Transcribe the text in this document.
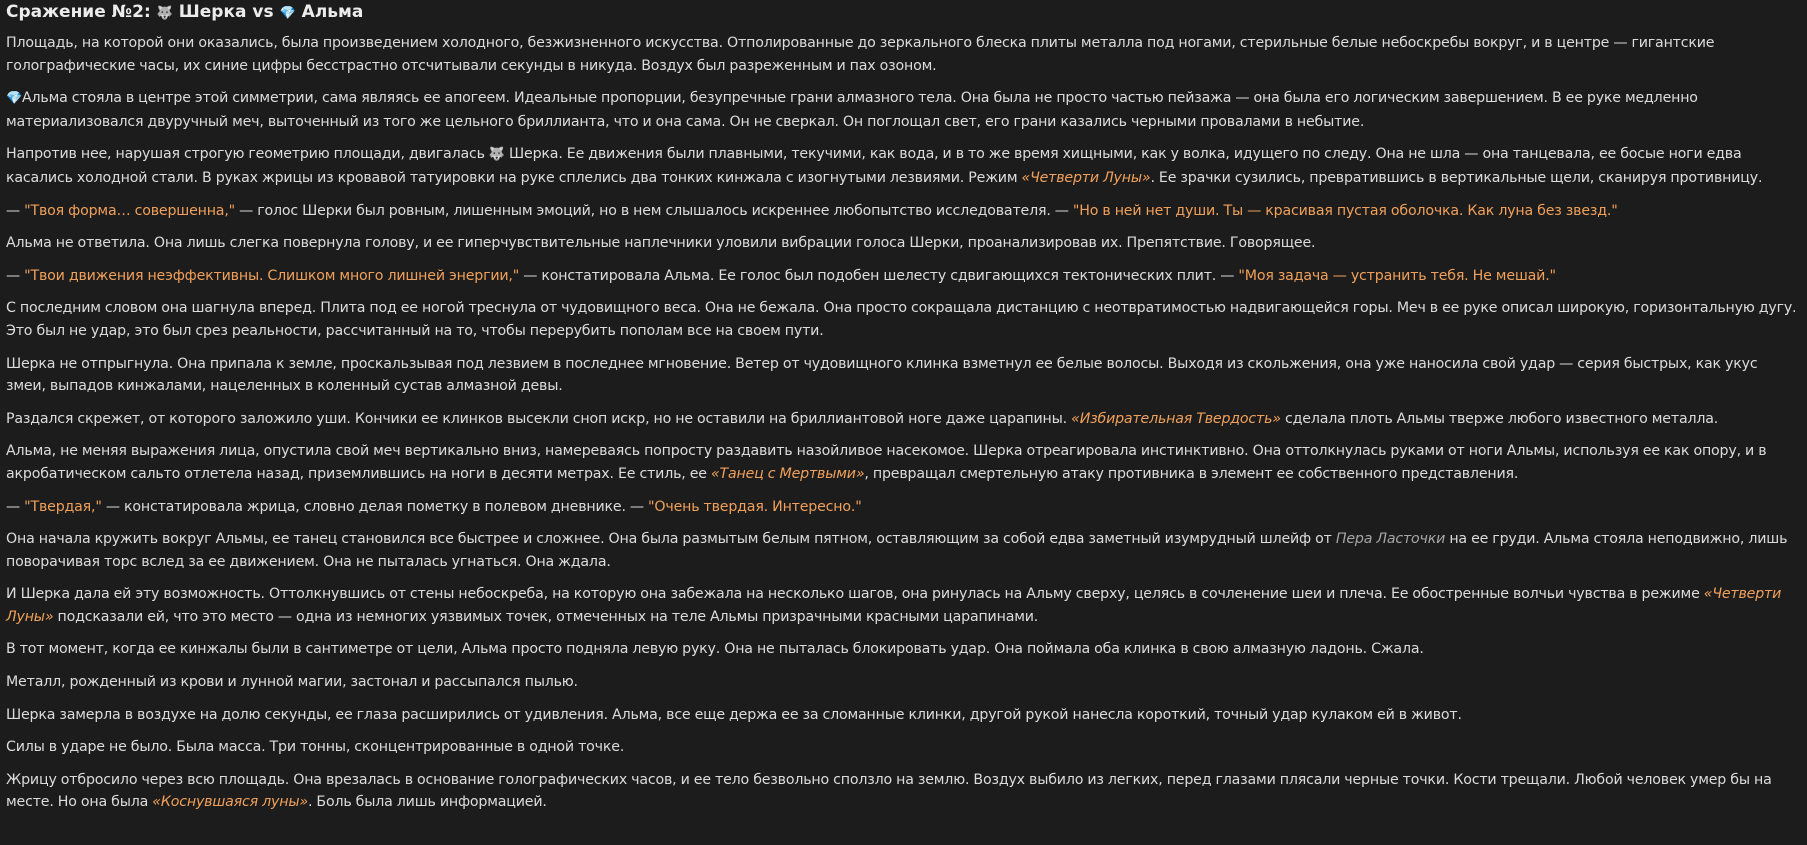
Сражение №2: 🐺 Шерка vs 💎 Альма

Площадь, на которой они оказались, была произведением холодного, безжизненного искусства. Отполированные до зеркального блеска плиты металла под ногами, стерильные белые небоскребы вокруг, и в центре — гигантские голографические часы, их синие цифры бесстрастно отсчитывали секунды в никуда. Воздух был разреженным и пах озоном.

💎Альма стояла в центре этой симметрии, сама являясь ее апогеем. Идеальные пропорции, безупречные грани алмазного тела. Она была не просто частью пейзажа — она была его логическим завершением. В ее руке медленно материализовался двуручный меч, выточенный из того же цельного бриллианта, что и она сама. Он не сверкал. Он поглощал свет, его грани казались черными провалами в небытие.

Напротив нее, нарушая строгую геометрию площади, двигалась 🐺 Шерка. Ее движения были плавными, текучими, как вода, и в то же время хищными, как у волка, идущего по следу. Она не шла — она танцевала, ее босые ноги едва касались холодной стали. В руках жрицы из кровавой татуировки на руке сплелись два тонких кинжала с изогнутыми лезвиями. Режим «Четверти Луны». Ее зрачки сузились, превратившись в вертикальные щели, сканируя противницу.

— "Твоя форма… совершенна," — голос Шерки был ровным, лишенным эмоций, но в нем слышалось искреннее любопытство исследователя. — "Но в ней нет души. Ты — красивая пустая оболочка. Как луна без звезд."

Альма не ответила. Она лишь слегка повернула голову, и ее гиперчувствительные наплечники уловили вибрации голоса Шерки, проанализировав их. Препятствие. Говорящее.

— "Твои движения неэффективны. Слишком много лишней энергии," — констатировала Альма. Ее голос был подобен шелесту сдвигающихся тектонических плит. — "Моя задача — устранить тебя. Не мешай."

С последним словом она шагнула вперед. Плита под ее ногой треснула от чудовищного веса. Она не бежала. Она просто сокращала дистанцию с неотвратимостью надвигающейся горы. Меч в ее руке описал широкую, горизонтальную дугу. Это был не удар, это был срез реальности, рассчитанный на то, чтобы перерубить пополам все на своем пути.

Шерка не отпрыгнула. Она припала к земле, проскальзывая под лезвием в последнее мгновение. Ветер от чудовищного клинка взметнул ее белые волосы. Выходя из скольжения, она уже наносила свой удар — серия быстрых, как укус змеи, выпадов кинжалами, нацеленных в коленный сустав алмазной девы.

Раздался скрежет, от которого заложило уши. Кончики ее клинков высекли сноп искр, но не оставили на бриллиантовой ноге даже царапины. «Избирательная Твердость» сделала плоть Альмы тверже любого известного металла.

Альма, не меняя выражения лица, опустила свой меч вертикально вниз, намереваясь попросту раздавить назойливое насекомое. Шерка отреагировала инстинктивно. Она оттолкнулась руками от ноги Альмы, используя ее как опору, и в акробатическом сальто отлетела назад, приземлившись на ноги в десяти метрах. Ее стиль, ее «Танец с Мертвыми», превращал смертельную атаку противника в элемент ее собственного представления.

— "Твердая," — констатировала жрица, словно делая пометку в полевом дневнике. — "Очень твердая. Интересно."

Она начала кружить вокруг Альмы, ее танец становился все быстрее и сложнее. Она была размытым белым пятном, оставляющим за собой едва заметный изумрудный шлейф от Пера Ласточки на ее груди. Альма стояла неподвижно, лишь поворачивая торс вслед за ее движением. Она не пыталась угнаться. Она ждала.

И Шерка дала ей эту возможность. Оттолкнувшись от стены небоскреба, на которую она забежала на несколько шагов, она ринулась на Альму сверху, целясь в сочленение шеи и плеча. Ее обостренные волчьи чувства в режиме «Четверти Луны» подсказали ей, что это место — одна из немногих уязвимых точек, отмеченных на теле Альмы призрачными красными царапинами.

В тот момент, когда ее кинжалы были в сантиметре от цели, Альма просто подняла левую руку. Она не пыталась блокировать удар. Она поймала оба клинка в свою алмазную ладонь. Сжала.

Металл, рожденный из крови и лунной магии, застонал и рассыпался пылью.

Шерка замерла в воздухе на долю секунды, ее глаза расширились от удивления. Альма, все еще держа ее за сломанные клинки, другой рукой нанесла короткий, точный удар кулаком ей в живот.

Силы в ударе не было. Была масса. Три тонны, сконцентрированные в одной точке.

Жрицу отбросило через всю площадь. Она врезалась в основание голографических часов, и ее тело безвольно сползло на землю. Воздух выбило из легких, перед глазами плясали черные точки. Кости трещали. Любой человек умер бы на месте. Но она была «Коснувшаяся луны». Боль была лишь информацией.
